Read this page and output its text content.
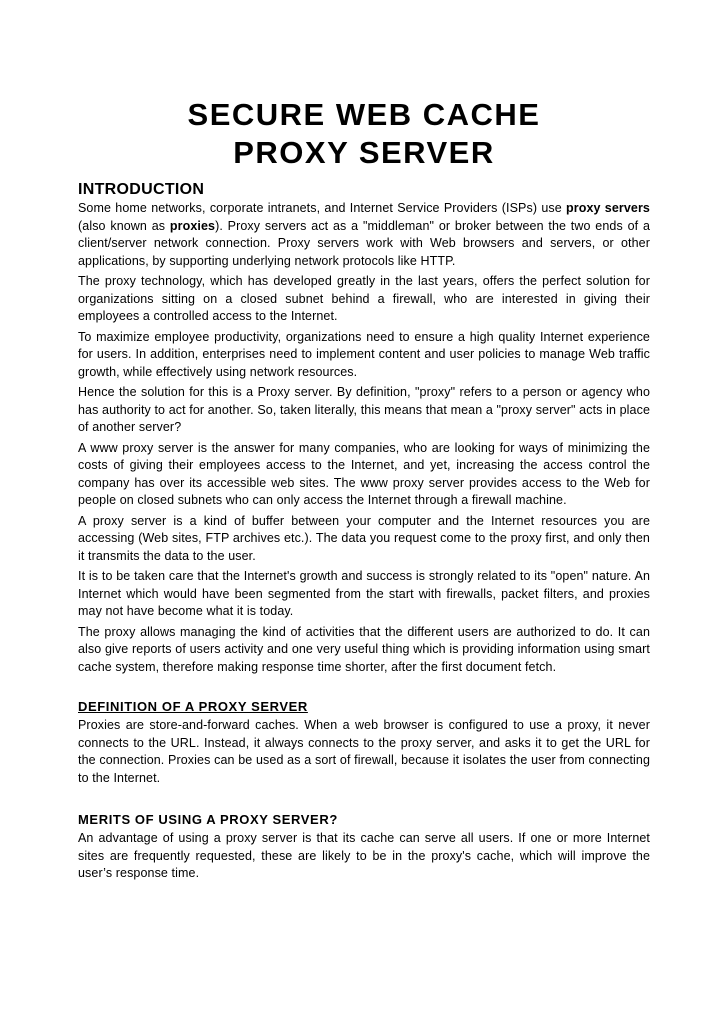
SECURE WEB CACHE
PROXY SERVER
INTRODUCTION

Some home networks, corporate intranets, and Internet Service Providers (ISPs) use proxy servers (also known as proxies). Proxy servers act as a "middleman" or broker between the two ends of a client/server network connection. Proxy servers work with Web browsers and servers, or other applications, by supporting underlying network protocols like HTTP.

The proxy technology, which has developed greatly in the last years, offers the perfect solution for organizations sitting on a closed subnet behind a firewall, who are interested in giving their employees a controlled access to the Internet.

To maximize employee productivity, organizations need to ensure a high quality Internet experience for users. In addition, enterprises need to implement content and user policies to manage Web traffic growth, while effectively using network resources.

Hence the solution for this is a Proxy server. By definition, "proxy" refers to a person or agency who has authority to act for another. So, taken literally, this means that mean a "proxy server" acts in place of another server?

A www proxy server is the answer for many companies, who are looking for ways of minimizing the costs of giving their employees access to the Internet, and yet, increasing the access control the company has over its accessible web sites. The www proxy server provides access to the Web for people on closed subnets who can only access the Internet through a firewall machine.

A proxy server is a kind of buffer between your computer and the Internet resources you are accessing (Web sites, FTP archives etc.). The data you request come to the proxy first, and only then it transmits the data to the user.

It is to be taken care that the Internet's growth and success is strongly related to its "open" nature. An Internet which would have been segmented from the start with firewalls, packet filters, and proxies may not have become what it is today.

The proxy allows managing the kind of activities that the different users are authorized to do. It can also give reports of users activity and one very useful thing which is providing information using smart cache system, therefore making response time shorter, after the first document fetch.

DEFINITION OF A PROXY SERVER

Proxies are store-and-forward caches. When a web browser is configured to use a proxy, it never connects to the URL. Instead, it always connects to the proxy server, and asks it to get the URL for the connection. Proxies can be used as a sort of firewall, because it isolates the user from connecting to the Internet.

MERITS OF USING A PROXY SERVER?

An advantage of using a proxy server is that its cache can serve all users. If one or more Internet sites are frequently requested, these are likely to be in the proxy's cache, which will improve the user’s response time.
